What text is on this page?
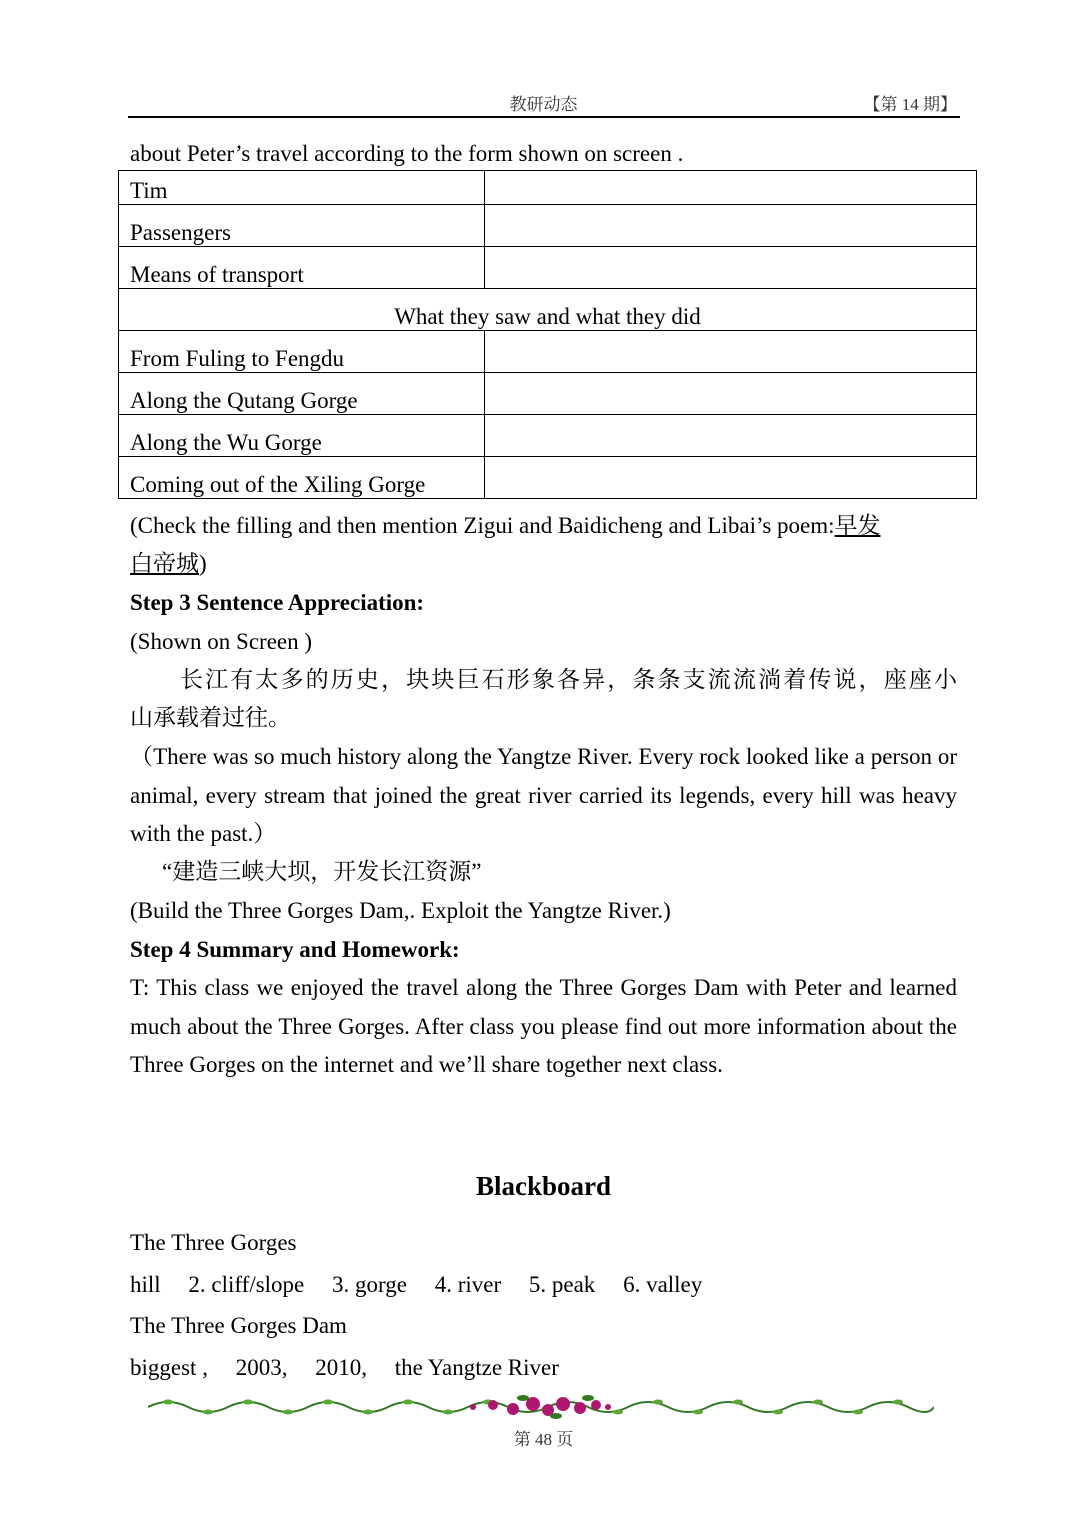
教研动态	【第 14 期】
about Peter’s travel according to the form shown on screen .
Tim	
Passengers	
Means of transport	
What they saw and what they did	
From Fuling to Fengdu	
Along the Qutang Gorge	
Along the Wu Gorge	
Coming out of the Xiling Gorge	
(Check the filling and then mention Zigui and Baidicheng and Libai’s poem:早发
白帝城)
Step 3 Sentence Appreciation:
(Shown on Screen )
长江有太多的历史，块块巨石形象各异，条条支流流淌着传说，座座小
山承载着过往。
（There was so much history along the Yangtze River. Every rock looked like a person or animal, every stream that joined the great river carried its legends, every hill was heavy with the past.）
“建造三峡大坝，开发长江资源”
(Build the Three Gorges Dam,. Exploit the Yangtze River.)
Step 4 Summary and Homework:
T: This class we enjoyed the travel along the Three Gorges Dam with Peter and learned much about the Three Gorges. After class you please find out more information about the Three Gorges on the internet and we’ll share together next class.
Blackboard
The Three Gorges
hill 2. cliff/slope 3. gorge 4. river 5. peak 6. valley
The Three Gorges Dam
biggest , 2003, 2010, the Yangtze River
第 48 页
